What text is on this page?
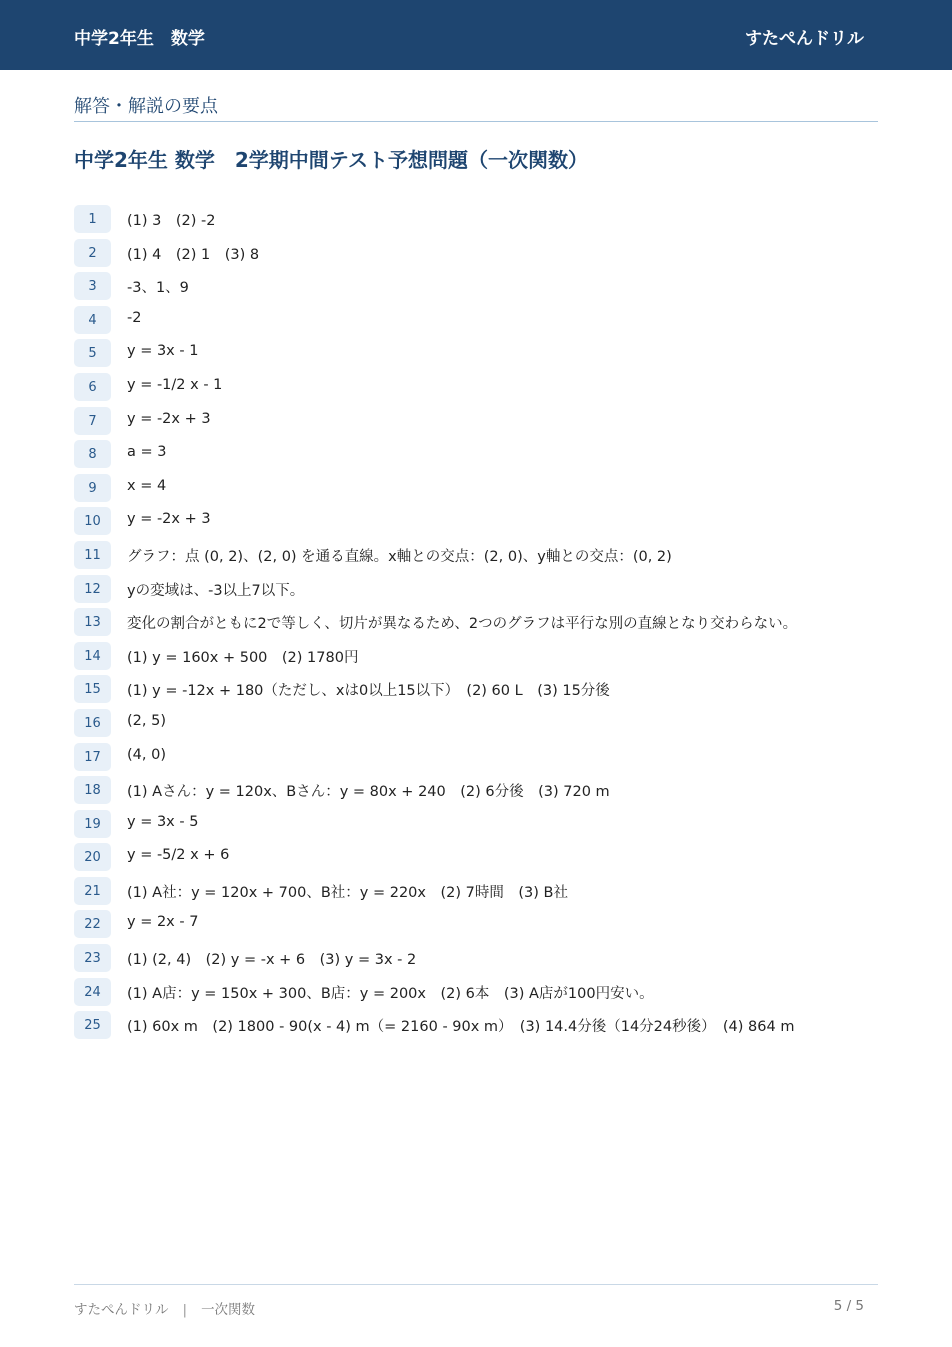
中学2年生　数学	すたぺんドリル
解答・解説の要点
中学2年生 数学　2学期中間テスト予想問題（一次関数）
1	(1) 3　(2) -2
2	(1) 4　(2) 1　(3) 8
3	-3、1、9
4	-2
5	y = 3x - 1
6	y = -1/2 x - 1
7	y = -2x + 3
8	a = 3
9	x = 4
10	y = -2x + 3
11	グラフ：点 (0, 2)、(2, 0) を通る直線。x軸との交点：(2, 0)、y軸との交点：(0, 2)
12	yの変域は、-3以上7以下。
13	変化の割合がともに2で等しく、切片が異なるため、2つのグラフは平行な別の直線となり交わらない。
14	(1) y = 160x + 500　(2) 1780円
15	(1) y = -12x + 180（ただし、xは0以上15以下）　(2) 60 L　(3) 15分後
16	(2, 5)
17	(4, 0)
18	(1) Aさん：y = 120x、Bさん：y = 80x + 240　(2) 6分後　(3) 720 m
19	y = 3x - 5
20	y = -5/2 x + 6
21	(1) A社：y = 120x + 700、B社：y = 220x　(2) 7時間　(3) B社
22	y = 2x - 7
23	(1) (2, 4)　(2) y = -x + 6　(3) y = 3x - 2
24	(1) A店：y = 150x + 300、B店：y = 200x　(2) 6本　(3) A店が100円安い。
25	(1) 60x m　(2) 1800 - 90(x - 4) m（= 2160 - 90x m）　(3) 14.4分後（14分24秒後）　(4) 864 m
すたぺんドリル | 一次関数	5 / 5
